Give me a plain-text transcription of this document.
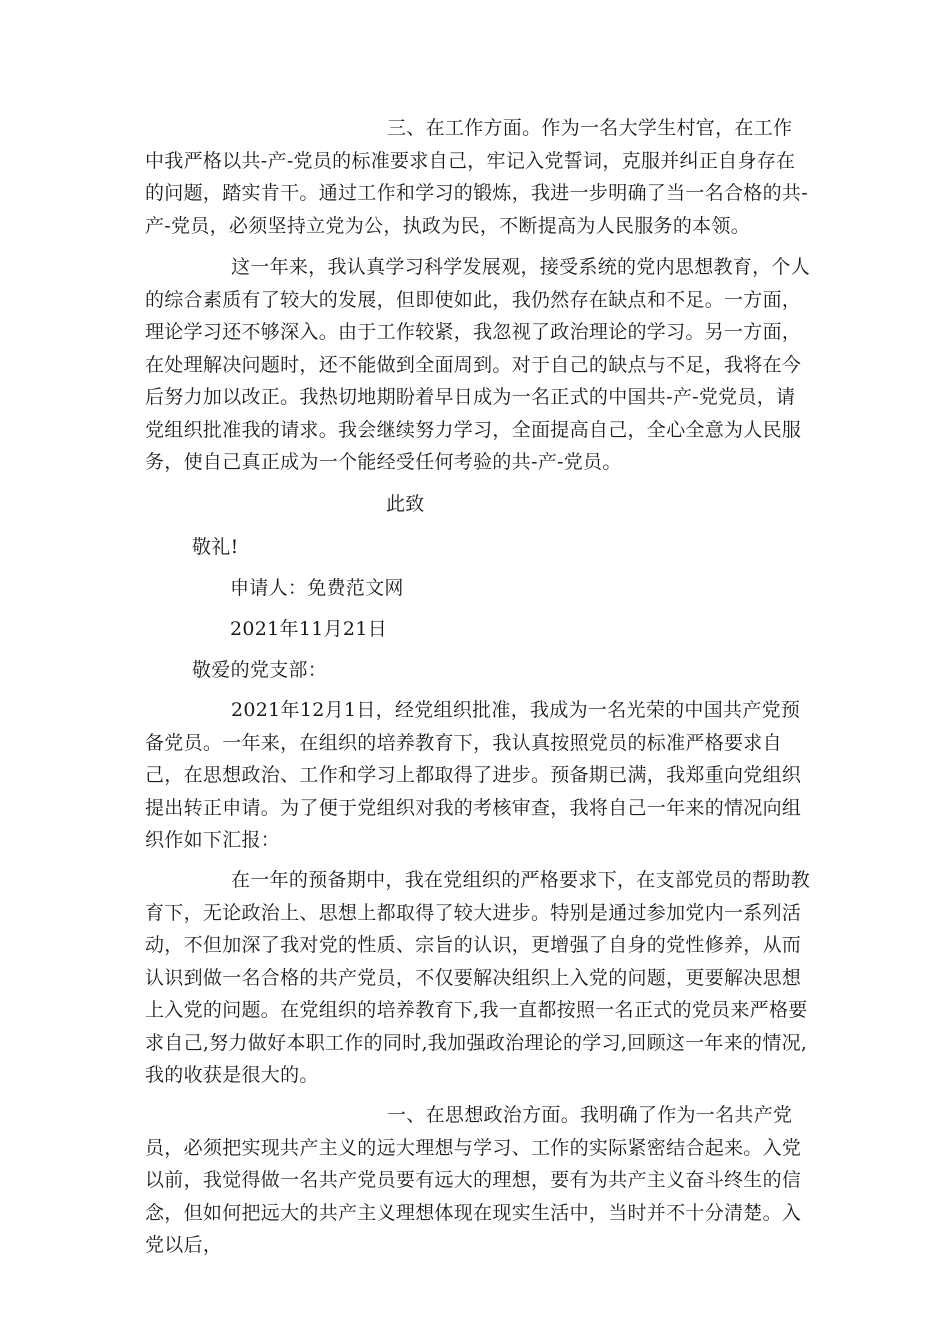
三、在工作方面。作为一名大学生村官，在工作中我严格以共-产-党员的标准要求自己，牢记入党誓词，克服并纠正自身存在的问题，踏实肯干。通过工作和学习的锻炼，我进一步明确了当一名合格的共-产-党员，必须坚持立党为公，执政为民，不断提高为人民服务的本领。

这一年来，我认真学习科学发展观，接受系统的党内思想教育，个人的综合素质有了较大的发展，但即使如此，我仍然存在缺点和不足。一方面，理论学习还不够深入。由于工作较紧，我忽视了政治理论的学习。另一方面，在处理解决问题时，还不能做到全面周到。对于自己的缺点与不足，我将在今后努力加以改正。我热切地期盼着早日成为一名正式的中国共-产-党党员，请党组织批准我的请求。我会继续努力学习，全面提高自己，全心全意为人民服务，使自己真正成为一个能经受任何考验的共-产-党员。

此致
敬礼!
申请人：免费范文网
2021年11月21日
敬爱的党支部：

2021年12月1日，经党组织批准，我成为一名光荣的中国共产党预备党员。一年来，在组织的培养教育下，我认真按照党员的标准严格要求自己，在思想政治、工作和学习上都取得了进步。预备期已满，我郑重向党组织提出转正申请。为了便于党组织对我的考核审查，我将自己一年来的情况向组织作如下汇报：

在一年的预备期中，我在党组织的严格要求下，在支部党员的帮助教育下，无论政治上、思想上都取得了较大进步。特别是通过参加党内一系列活动，不但加深了我对党的性质、宗旨的认识，更增强了自身的党性修养，从而认识到做一名合格的共产党员，不仅要解决组织上入党的问题，更要解决思想上入党的问题。在党组织的培养教育下,我一直都按照一名正式的党员来严格要求自己,努力做好本职工作的同时,我加强政治理论的学习,回顾这一年来的情况,我的收获是很大的。

一、在思想政治方面。我明确了作为一名共产党员，必须把实现共产主义的远大理想与学习、工作的实际紧密结合起来。入党以前，我觉得做一名共产党员要有远大的理想，要有为共产主义奋斗终生的信念，但如何把远大的共产主义理想体现在现实生活中，当时并不十分清楚。入党以后，
